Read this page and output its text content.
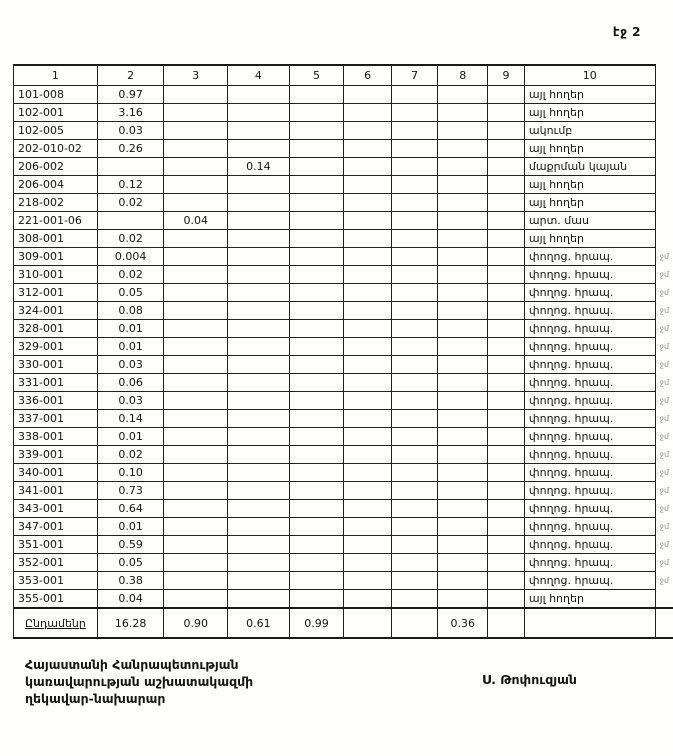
էջ 2
1	2	3	4	5	6	7	8	9	10	
101-008	0.97								այլ հողեր	
102-001	3.16								այլ հողեր	
102-005	0.03								ակումբ	
202-010-02	0.26								այլ հողեր	
206-002			0.14						մաքրման կայան	
206-004	0.12								այլ հողեր	
218-002	0.02								այլ հողեր	
221-001-06		0.04							արտ. մաս	
308-001	0.02								այլ հողեր	
309-001	0.004								փողոց. հրապ.	ջմ
310-001	0.02								փողոց. հրապ.	ջմ
312-001	0.05								փողոց. հրապ.	ջմ
324-001	0.08								փողոց. հրապ.	ջմ
328-001	0.01								փողոց. հրապ.	ջմ
329-001	0.01								փողոց. հրապ.	ջմ
330-001	0.03								փողոց. հրապ.	ջմ
331-001	0.06								փողոց. հրապ.	ջմ
336-001	0.03								փողոց. հրապ.	ջմ
337-001	0.14								փողոց. հրապ.	ջմ
338-001	0.01								փողոց. հրապ.	ջմ
339-001	0.02								փողոց. հրապ.	ջմ
340-001	0.10								փողոց. հրապ.	ջմ
341-001	0.73								փողոց. հրապ.	ջմ
343-001	0.64								փողոց. հրապ.	ջմ
347-001	0.01								փողոց. հրապ.	ջմ
351-001	0.59								փողոց. հրապ.	ջմ
352-001	0.05								փողոց. հրապ.	ջմ
353-001	0.38								փողոց. հրապ.	ջմ
355-001	0.04								այլ հողեր	
Ընդամենը	16.28	0.90	0.61	0.99			0.36			
Հայաստանի Հանրապետության
կառավարության աշխատակազմի
ղեկավար-նախարար
Ս. Թոփուզյան
